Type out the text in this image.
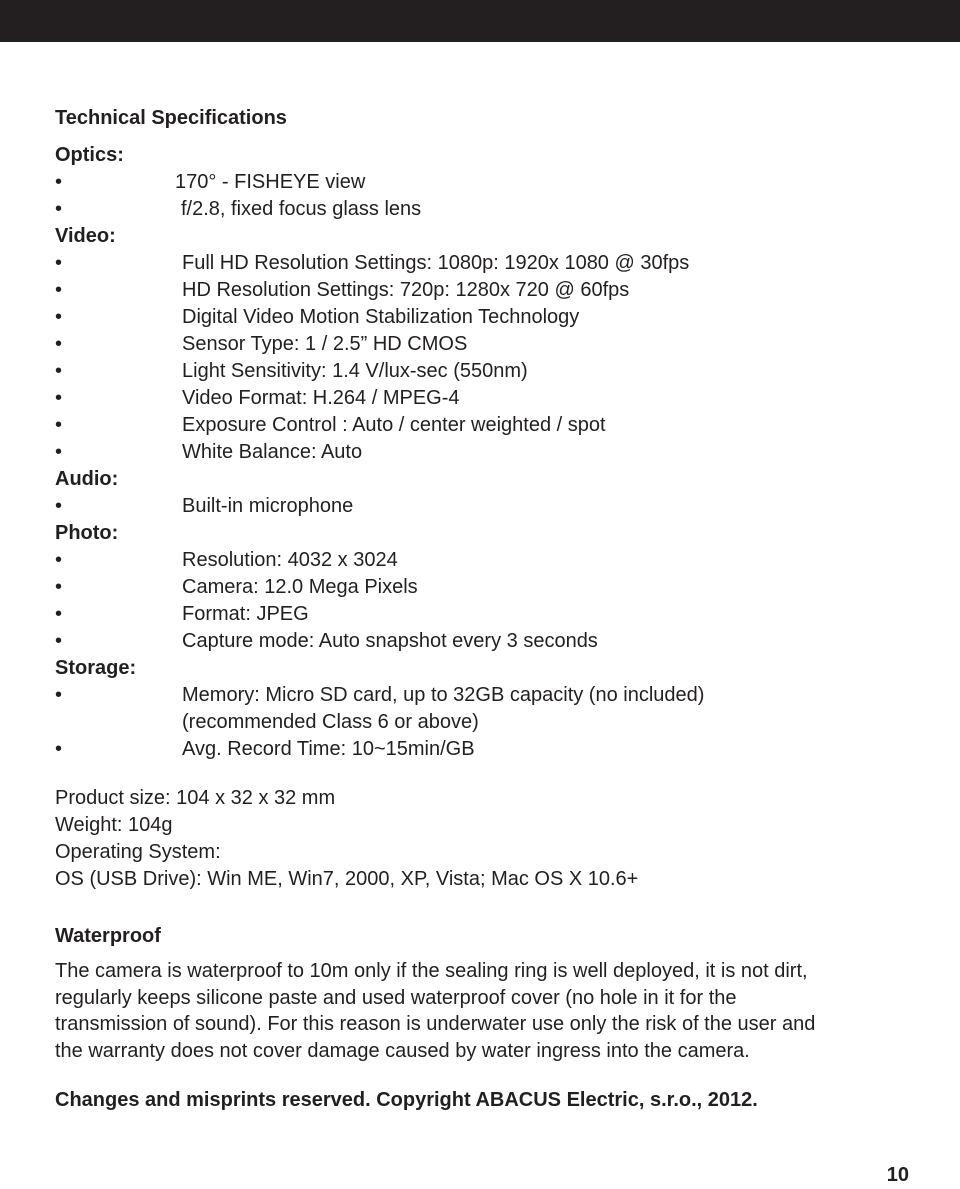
Technical Specifications
Optics:
•	170° - FISHEYE view
•	f/2.8, fixed focus glass lens
Video:
•	Full HD Resolution Settings: 1080p: 1920x 1080 @ 30fps
•	HD Resolution Settings: 720p: 1280x 720 @ 60fps
•	Digital Video Motion Stabilization Technology
•	Sensor Type: 1 / 2.5” HD CMOS
•	Light Sensitivity: 1.4 V/lux-sec (550nm)
•	Video Format: H.264 / MPEG-4
•	Exposure Control : Auto / center weighted / spot
•	White Balance: Auto
Audio:
•	Built-in microphone
Photo:
•	Resolution: 4032 x 3024
•	Camera: 12.0 Mega Pixels
•	Format: JPEG
•	Capture mode: Auto snapshot every 3 seconds
Storage:
•	Memory: Micro SD card, up to 32GB capacity (no included)
(recommended Class 6 or above)
•	Avg. Record Time: 10~15min/GB
Product size: 104 x 32 x 32 mm
Weight: 104g
Operating System:
OS (USB Drive): Win ME, Win7, 2000, XP, Vista; Mac OS X 10.6+
Waterproof
The camera is waterproof to 10m only if the sealing ring is well deployed, it is not dirt,
regularly keeps silicone paste and used waterproof cover (no hole in it for the
transmission of sound). For this reason is underwater use only the risk of the user and
the warranty does not cover damage caused by water ingress into the camera.
Changes and misprints reserved. Copyright ABACUS Electric, s.r.o., 2012.
10
